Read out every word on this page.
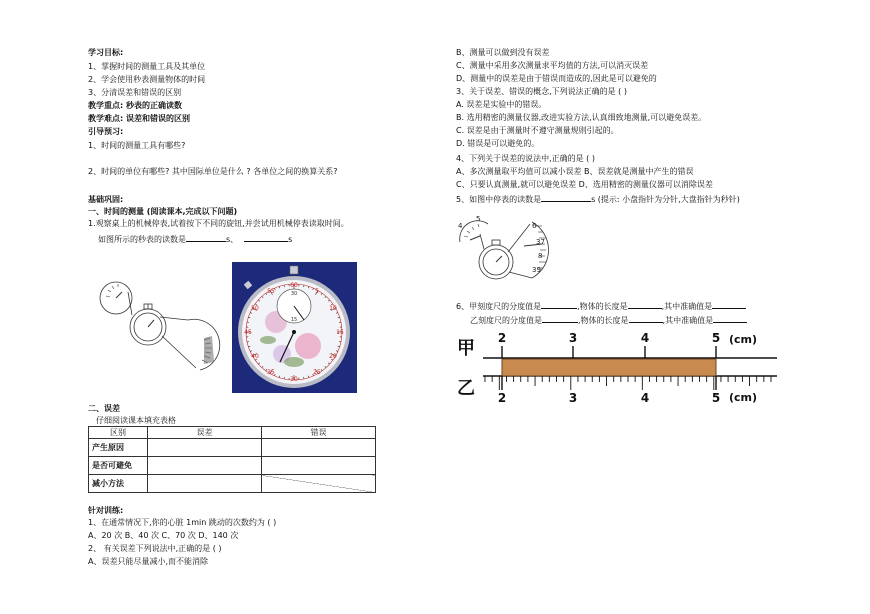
学习目标:
1、掌握时间的测量工具及其单位
2、学会使用秒表测量物体的时间
3、分清误差和错误的区别
教学重点: 秒表的正确读数
教学难点: 误差和错误的区别
引导预习:
1、时间的测量工具有哪些?
2、时间的单位有哪些? 其中国际单位是什么 ? 各单位之间的换算关系?
基础巩固:
一、时间的测量 (阅读课本,完成以下问题)
1.观察桌上的机械停表,试着按下不同的旋钮,并尝试用机械停表读取时间。
如图所示的秒表的读数是	s、	s
15
30
45
60
5
10
20
25
35
40
50
55	30
15
二、误差
仔细阅读课本填充表格
区别	误差	错误
产生原因		
是否可避免		
减小方法		
针对训练:
1、在通常情况下,你的心脏 1min 跳动的次数约为 ( )
A、20 次 B、40 次 C、70 次 D、140 次
2、 有关误差下列说法中,正确的是 ( )
A、误差只能尽量减小,而不能消除
B、测量可以做到没有误差
C、测量中采用多次测量求平均值的方法,可以消灭误差
D、测量中的误差是由于错误而造成的,因此是可以避免的
3、关于误差、错误的概念,下列说法正确的是 ( )
A. 误差是实验中的错误。
B. 选用精密的测量仪器,改进实验方法,认真细致地测量,可以避免误差。
C. 误差是由于测量时不遵守测量规则引起的。
D. 错误是可以避免的。
4、下列关于误差的说法中,正确的是 ( )
A、多次测量取平均值可以减小误差 B、误差就是测量中产生的错误
C、只要认真测量,就可以避免误差 D、选用精密的测量仪器可以消除误差
5、如图中停表的读数是	s (提示: 小盘指针为分针,大盘指针为秒针)
4
5
6
37
8
39
6、甲刻度尺的分度值是	,物体的长度是	,其中准确值是
乙刻度尺的分度值是	,物体的长度是	,其中准确值是
甲
乙
2	3	4	5
2	3	4	5
(cm)
(cm)
